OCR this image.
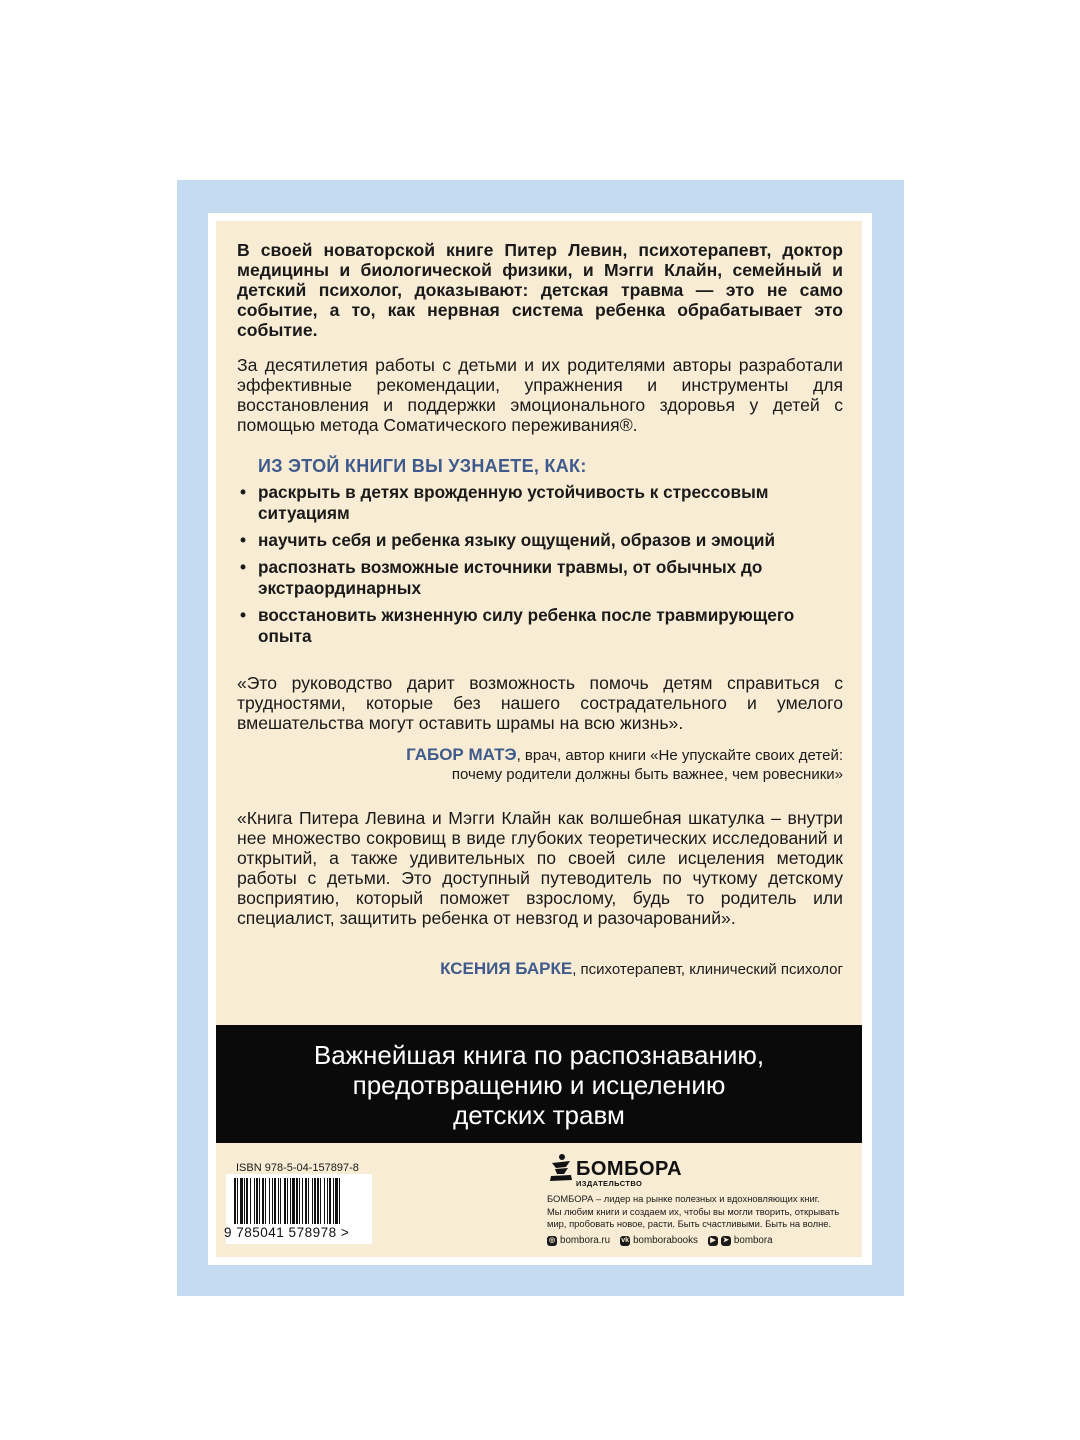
В своей новаторской книге Питер Левин, психотерапевт, доктор медицины и биологической физики, и Мэгги Клайн, семейный и детский психолог, доказывают: детская травма — это не само событие, а то, как нервная система ребенка обрабатывает это событие.

За десятилетия работы с детьми и их родителями авторы разработали эффективные рекомендации, упражнения и инструменты для восстановления и поддержки эмоционального здоровья у детей с помощью метода Соматического переживания®.

ИЗ ЭТОЙ КНИГИ ВЫ УЗНАЕТЕ, КАК:
• раскрыть в детях врожденную устойчивость к стрессовым ситуациям
• научить себя и ребенка языку ощущений, образов и эмоций
• распознать возможные источники травмы, от обычных до экстраординарных
• восстановить жизненную силу ребенка после травмирующего опыта

«Это руководство дарит возможность помочь детям справиться с трудностями, которые без нашего сострадательного и умелого вмешательства могут оставить шрамы на всю жизнь».

ГАБОР МАТЭ, врач, автор книги «Не упускайте своих детей:
почему родители должны быть важнее, чем ровесники»

«Книга Питера Левина и Мэгги Клайн как волшебная шкатулка – внутри нее множество сокровищ в виде глубоких теоретических исследований и открытий, а также удивительных по своей силе исцеления методик работы с детьми. Это доступный путеводитель по чуткому детскому восприятию, который поможет взрослому, будь то родитель или специалист, защитить ребенка от невзгод и разочарований».

КСЕНИЯ БАРКЕ, психотерапевт, клинический психолог
Важнейшая книга по распознаванию,
предотвращению и исцелению
детских травм
ISBN 978-5-04-157897-8
9 785041 578978 >
БОМБОРА
ИЗДАТЕЛЬСТВО
БОМБОРА – лидер на рынке полезных и вдохновляющих книг.
Мы любим книги и создаем их, чтобы вы могли творить, открывать
мир, пробовать новое, расти. Быть счастливыми. Быть на волне.
◎ bombora.ru vk bomborabooks	▶	➤ bombora
